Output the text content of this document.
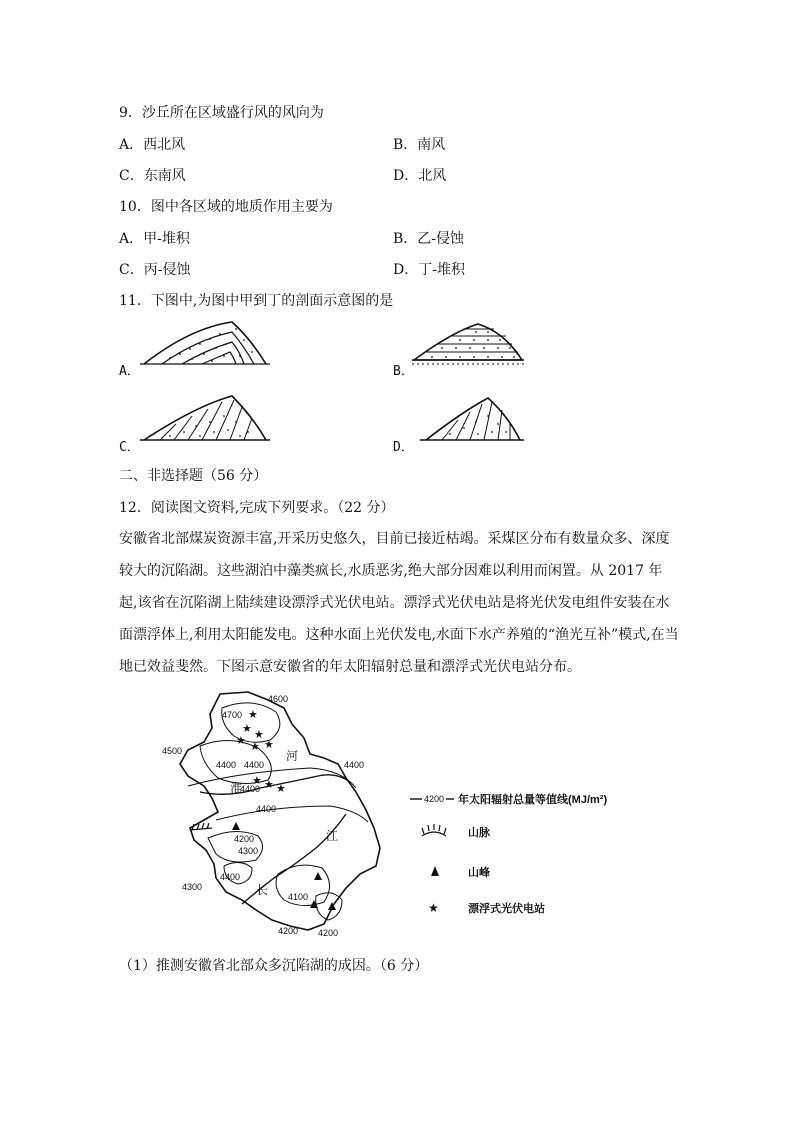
9．沙丘所在区域盛行风的风向为
A．西北风	B．南风
C．东南风	D．北风
10．图中各区域的地质作用主要为
A．甲-堆积	B．乙-侵蚀
C．丙-侵蚀	D．丁-堆积
11．下图中,为图中甲到丁的剖面示意图的是
A．	B．
C．	D．
二、非选择题（56 分）
12．阅读图文资料,完成下列要求。（22 分）
安徽省北部煤炭资源丰富,开采历史悠久，目前已接近枯竭。采煤区分布有数量众多、深度较大的沉陷湖。这些湖泊中藻类疯长,水质恶劣,绝大部分因难以利用而闲置。从 2017 年起,该省在沉陷湖上陆续建设漂浮式光伏电站。漂浮式光伏电站是将光伏发电组件安装在水面漂浮体上,利用太阳能发电。这种水面上光伏发电,水面下水产养殖的“渔光互补”模式,在当地已效益斐然。下图示意安徽省的年太阳辐射总量和漂浮式光伏电站分布。
★
★ ★
★ ★ ★
★ ★ ★
4700
4600
4500
4400 4400	4400
4400
4400
4200
4300
4400
4300
4100
4200 4200
淮
河
江
长
4200 年太阳辐射总量等值线(MJ/m²)
山脉
山峰
★	漂浮式光伏电站
（1）推测安徽省北部众多沉陷湖的成因。（6 分）
